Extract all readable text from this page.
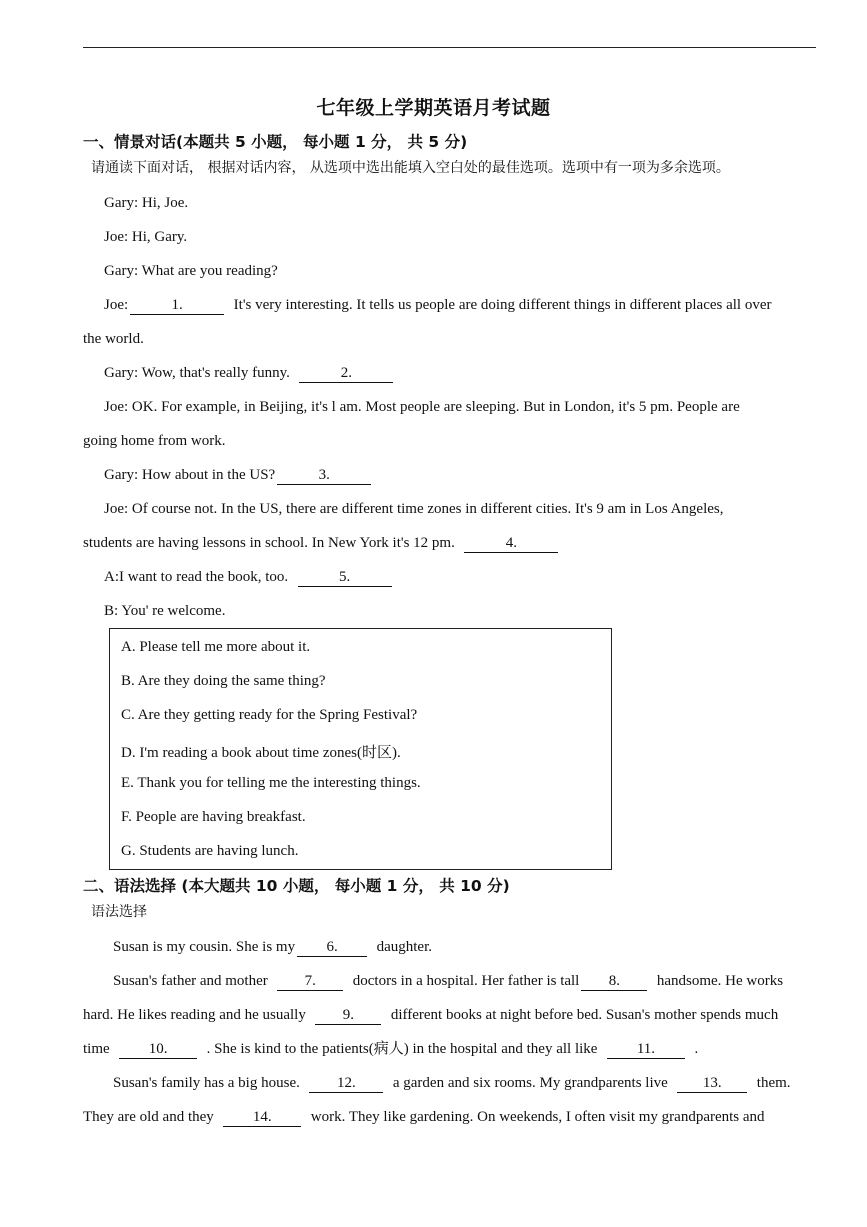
七年级上学期英语月考试题
一、情景对话(本题共 5 小题， 每小题 1 分， 共 5 分)
请通读下面对话， 根据对话内容， 从选项中选出能填入空白处的最佳选项。选项中有一项为多余选项。
Gary: Hi, Joe.
Joe: Hi, Gary.
Gary: What are you reading?
Joe:	1.	It's very interesting. It tells us people are doing different things in different places all over
the world.
Gary: Wow, that's really funny.	2.
Joe: OK. For example, in Beijing, it's l am. Most people are sleeping. But in London, it's 5 pm. People are
going home from work.
Gary: How about in the US?	3.
Joe: Of course not. In the US, there are different time zones in different cities. It's 9 am in Los Angeles,
students are having lessons in school. In New York it's 12 pm.	4.
A:I want to read the book, too.	5.
B: You' re welcome.
A. Please tell me more about it.
B. Are they doing the same thing?
C. Are they getting ready for the Spring Festival?
D. I'm reading a book about time zones(时区).
E. Thank you for telling me the interesting things.
F. People are having breakfast.
G. Students are having lunch.
二、语法选择 (本大题共 10 小题， 每小题 1 分， 共 10 分)
语法选择
Susan is my cousin. She is my 6.	daughter.
Susan's father and mother 7. doctors in a hospital. Her father is tall 8. handsome. He works
hard. He likes reading and he usually 9. different books at night before bed. Susan's mother spends much
time	10.	. She is kind to the patients(病人) in the hospital and they all like	11.	.
Susan's family has a big house. 12. a garden and six rooms. My grandparents live 13. them.
They are old and they	14.	work. They like gardening. On weekends, I often visit my grandparents and
